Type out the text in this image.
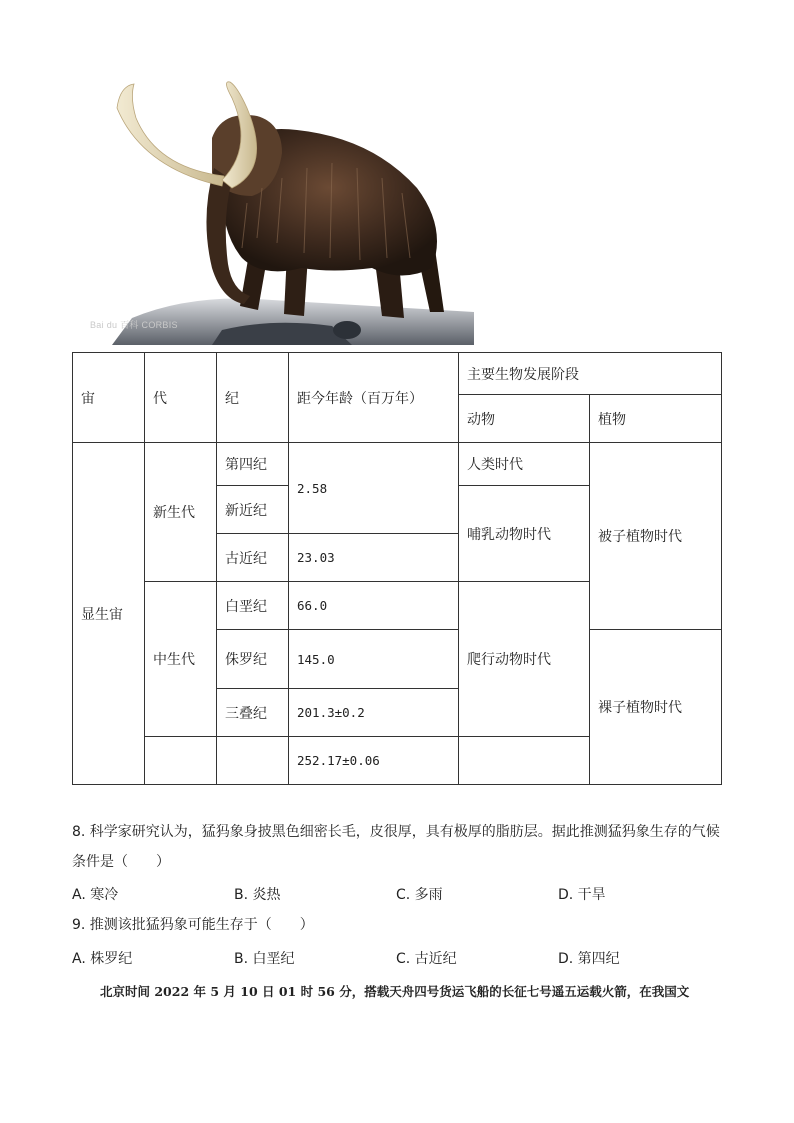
Bai du 百科 CORBIS
宙	代	纪	距今年龄（百万年）	主要生物发展阶段	
				动物	植物
显生宙	新生代	第四纪	2.58	人类时代	被子植物时代
		新近纪		哺乳动物时代	
		古近纪	23.03		
	中生代	白垩纪	66.0	爬行动物时代	
		侏罗纪	145.0		裸子植物时代
		三叠纪	201.3±0.2		
			252.17±0.06		
8. 科学家研究认为，猛犸象身披黑色细密长毛，皮很厚，具有极厚的脂肪层。据此推测猛犸象生存的气候
条件是（　　）
A. 寒冷	B. 炎热	C. 多雨	D. 干旱
9. 推测该批猛犸象可能生存于（　　）
A. 株罗纪	B. 白垩纪	C. 古近纪	D. 第四纪
北京时间 2022 年 5 月 10 日 01 时 56 分，搭载天舟四号货运飞船的长征七号遥五运载火箭，在我国文
